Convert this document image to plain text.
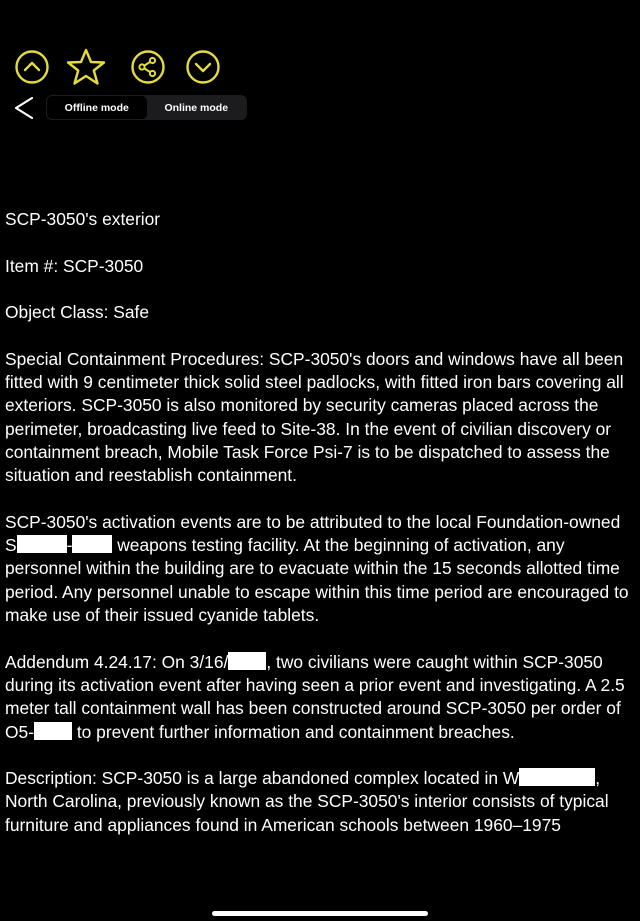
Offline mode	Online mode

SCP-3050's exterior

Item #: SCP-3050

Object Class: Safe

Special Containment Procedures: SCP-3050's doors and windows have all been fitted with 9 centimeter thick solid steel padlocks, with fitted iron bars covering all exteriors. SCP-3050 is also monitored by security cameras placed across the perimeter, broadcasting live feed to Site-38. In the event of civilian discovery or containment breach, Mobile Task Force Psi-7 is to be dispatched to assess the situation and reestablish containment.

SCP-3050's activation events are to be attributed to the local Foundation-owned S	- weapons testing facility. At the beginning of activation, any personnel within the building are to evacuate within the 15 seconds allotted time period. Any personnel unable to escape within this time period are encouraged to make use of their issued cyanide tablets.

Addendum 4.24.17: On 3/16/ , two civilians were caught within SCP-3050 during its activation event after having seen a prior event and investigating. A 2.5 meter tall containment wall has been constructed around SCP-3050 per order of O5- to prevent further information and containment breaches.

Description: SCP-3050 is a large abandoned complex located in W	, North Carolina, previously known as the SCP-3050's interior consists of typical furniture and appliances found in American schools between 1960–1975
